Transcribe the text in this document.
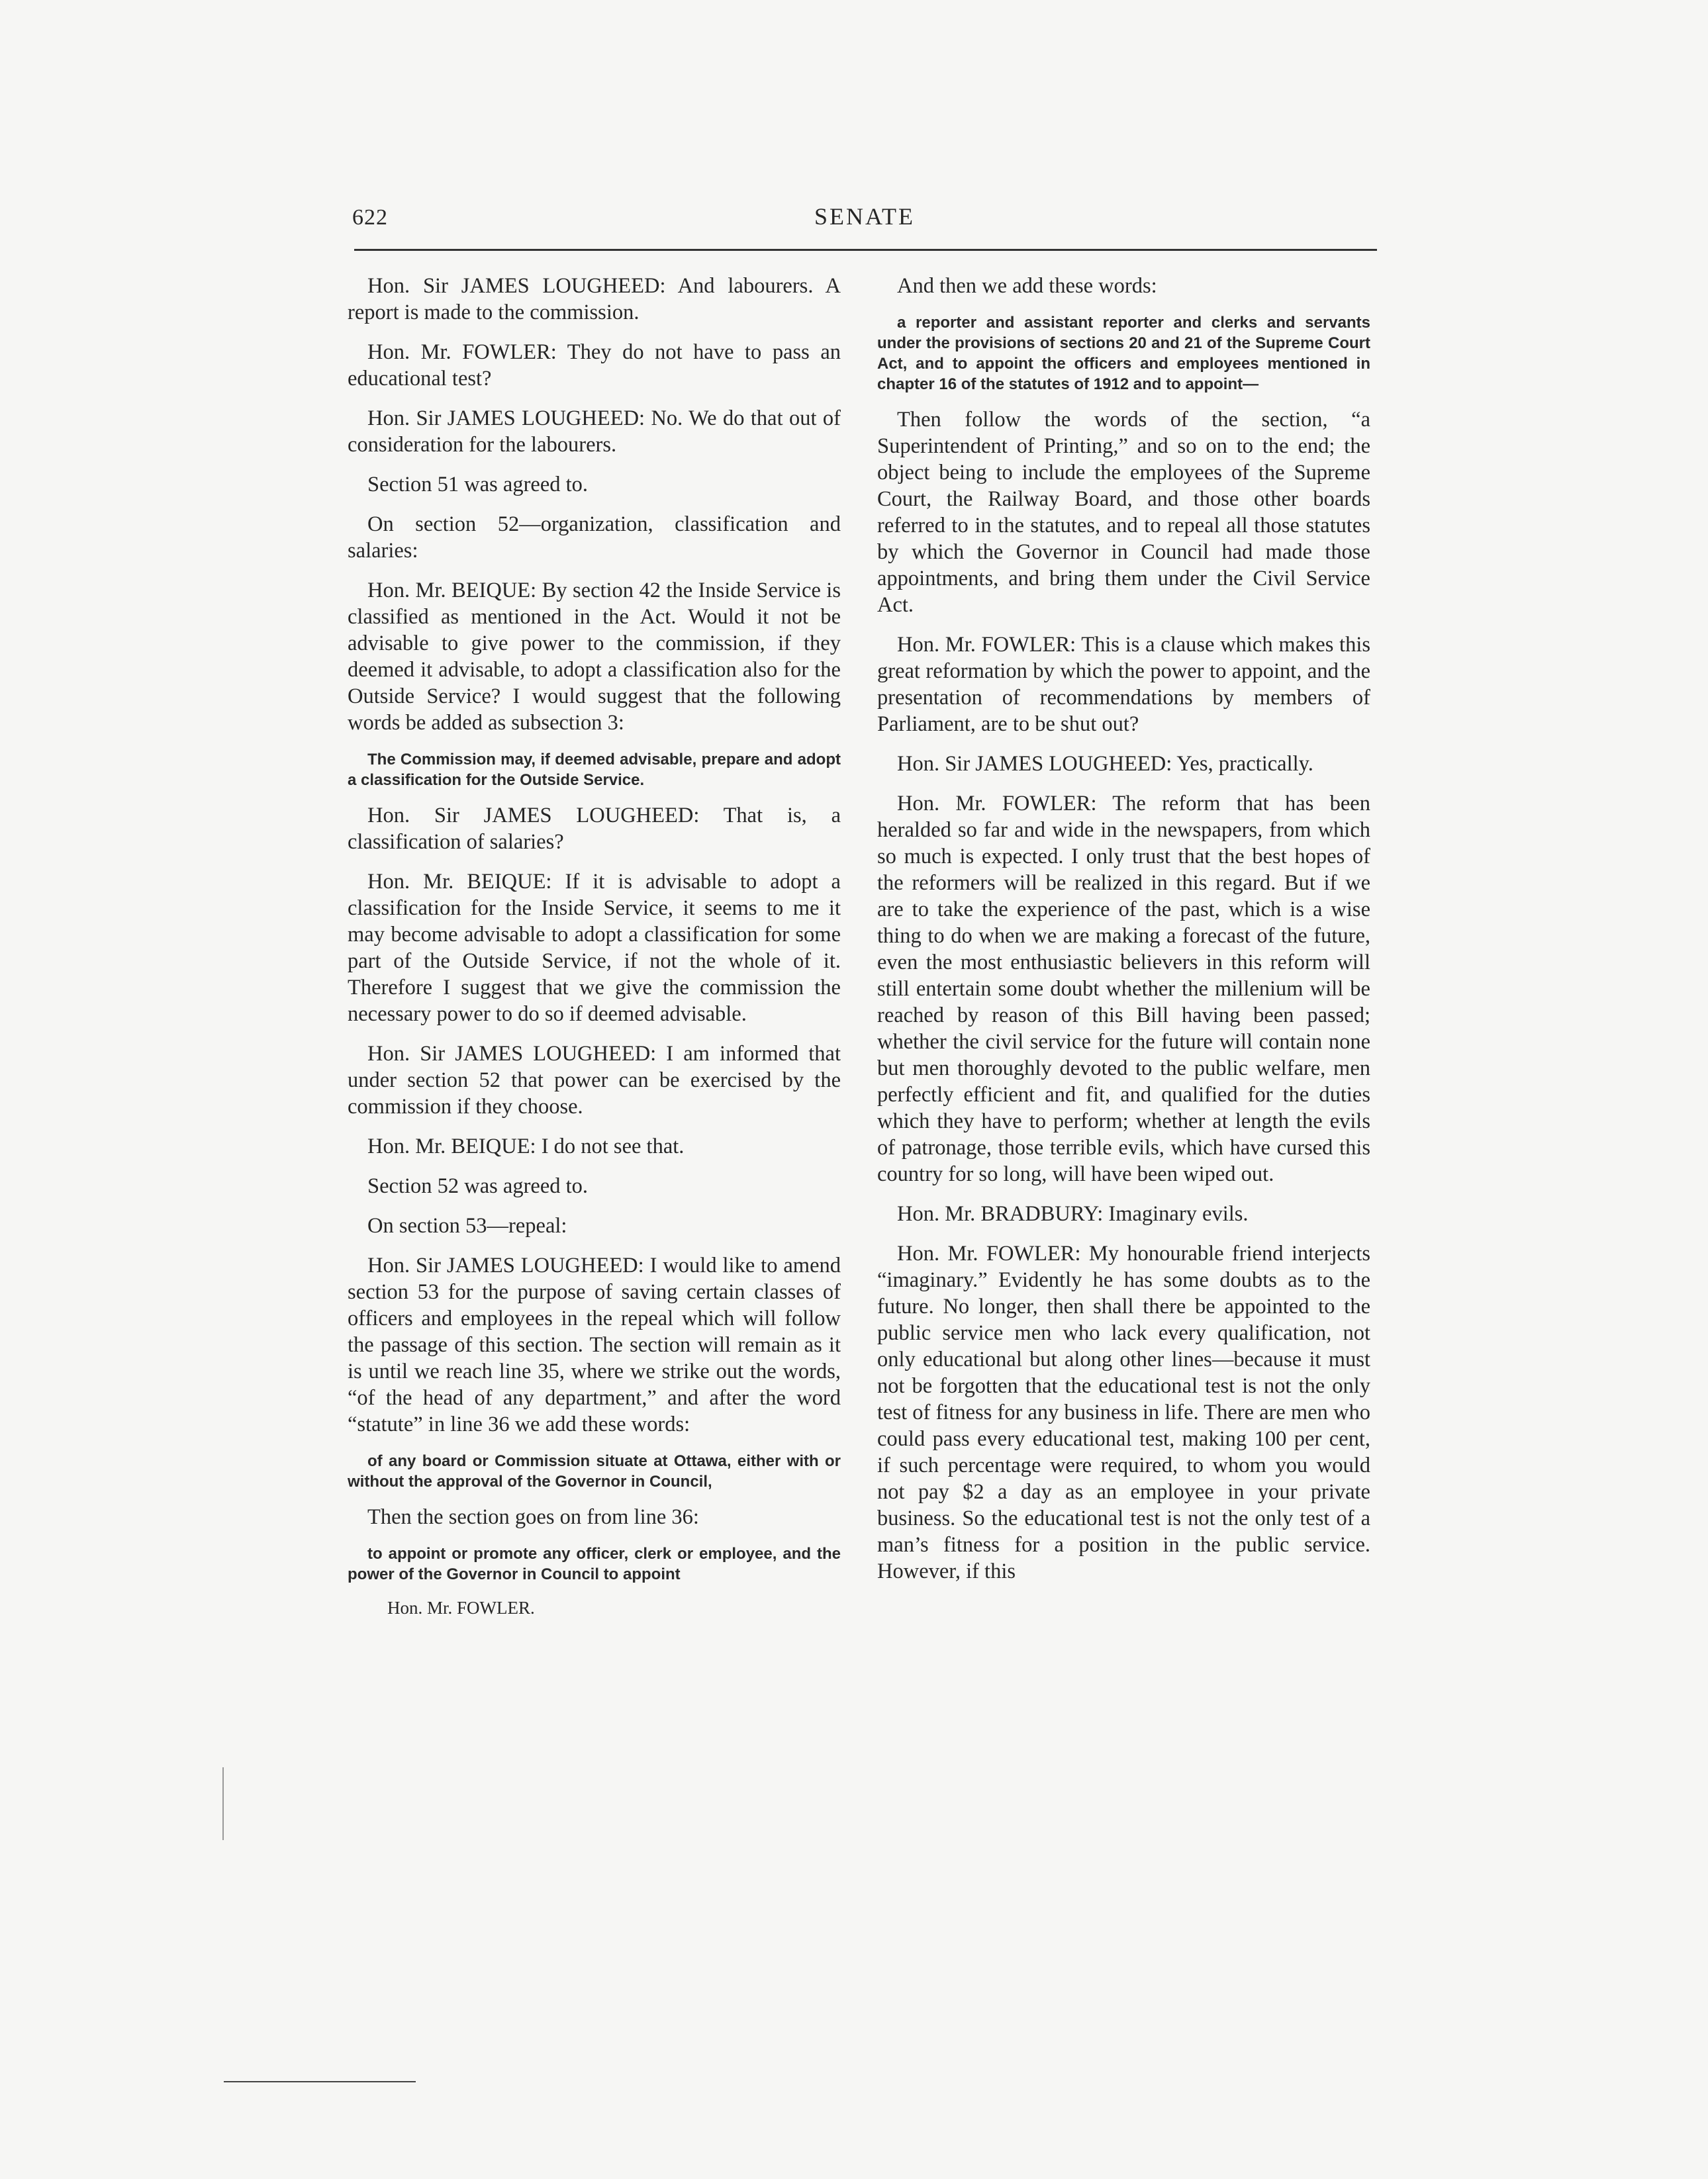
622	SENATE

Hon. Sir JAMES LOUGHEED: And labourers. A report is made to the commission.

Hon. Mr. FOWLER: They do not have to pass an educational test?

Hon. Sir JAMES LOUGHEED: No. We do that out of consideration for the labourers.

Section 51 was agreed to.

On section 52—organization, classification and salaries:

Hon. Mr. BEIQUE: By section 42 the Inside Service is classified as mentioned in the Act. Would it not be advisable to give power to the commission, if they deemed it advisable, to adopt a classification also for the Outside Service? I would suggest that the following words be added as subsection 3:

The Commission may, if deemed advisable, prepare and adopt a classification for the Outside Service.

Hon. Sir JAMES LOUGHEED: That is, a classification of salaries?

Hon. Mr. BEIQUE: If it is advisable to adopt a classification for the Inside Service, it seems to me it may become advisable to adopt a classification for some part of the Outside Service, if not the whole of it. Therefore I suggest that we give the commission the necessary power to do so if deemed advisable.

Hon. Sir JAMES LOUGHEED: I am informed that under section 52 that power can be exercised by the commission if they choose.

Hon. Mr. BEIQUE: I do not see that.

Section 52 was agreed to.

On section 53—repeal:

Hon. Sir JAMES LOUGHEED: I would like to amend section 53 for the purpose of saving certain classes of officers and employees in the repeal which will follow the passage of this section. The section will remain as it is until we reach line 35, where we strike out the words, “of the head of any department,” and after the word “statute” in line 36 we add these words:

of any board or Commission situate at Ottawa, either with or without the approval of the Governor in Council,

Then the section goes on from line 36:

to appoint or promote any officer, clerk or employee, and the power of the Governor in Council to appoint

Hon. Mr. FOWLER.

And then we add these words:

a reporter and assistant reporter and clerks and servants under the provisions of sections 20 and 21 of the Supreme Court Act, and to appoint the officers and employees mentioned in chapter 16 of the statutes of 1912 and to appoint—

Then follow the words of the section, “a Superintendent of Printing,” and so on to the end; the object being to include the employees of the Supreme Court, the Railway Board, and those other boards referred to in the statutes, and to repeal all those statutes by which the Governor in Council had made those appointments, and bring them under the Civil Service Act.

Hon. Mr. FOWLER: This is a clause which makes this great reformation by which the power to appoint, and the presentation of recommendations by members of Parliament, are to be shut out?

Hon. Sir JAMES LOUGHEED: Yes, practically.

Hon. Mr. FOWLER: The reform that has been heralded so far and wide in the newspapers, from which so much is expected. I only trust that the best hopes of the reformers will be realized in this regard. But if we are to take the experience of the past, which is a wise thing to do when we are making a forecast of the future, even the most enthusiastic believers in this reform will still entertain some doubt whether the millenium will be reached by reason of this Bill having been passed; whether the civil service for the future will contain none but men thoroughly devoted to the public welfare, men perfectly efficient and fit, and qualified for the duties which they have to perform; whether at length the evils of patronage, those terrible evils, which have cursed this country for so long, will have been wiped out.

Hon. Mr. BRADBURY: Imaginary evils.

Hon. Mr. FOWLER: My honourable friend interjects “imaginary.” Evidently he has some doubts as to the future. No longer, then shall there be appointed to the public service men who lack every qualification, not only educational but along other lines—because it must not be forgotten that the educational test is not the only test of fitness for any business in life. There are men who could pass every educational test, making 100 per cent, if such percentage were required, to whom you would not pay $2 a day as an employee in your private business. So the educational test is not the only test of a man’s fitness for a position in the public service. However, if this
